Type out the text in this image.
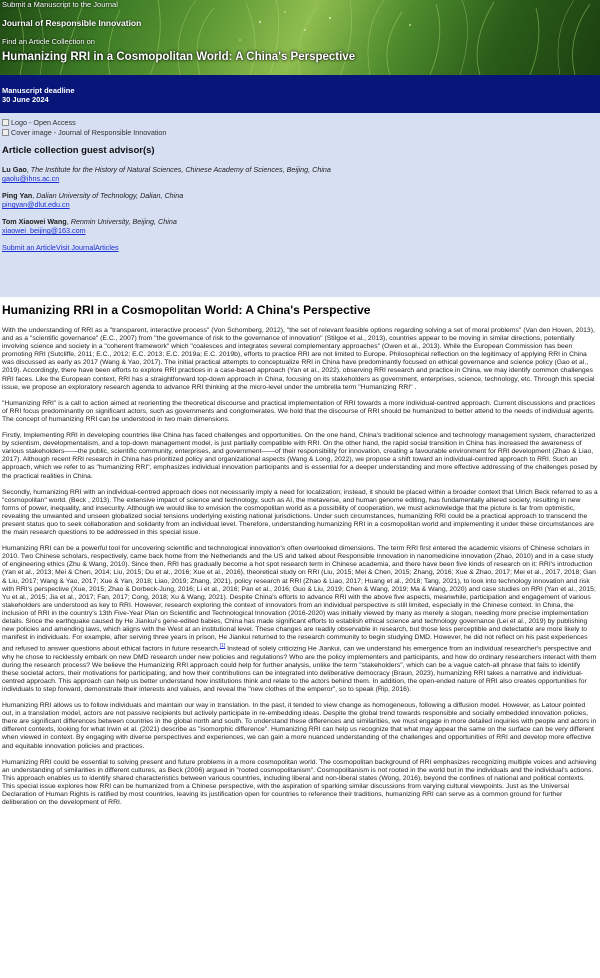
Submit a Manuscript to the Journal
Journal of Responsible Innovation
Find an Article Collection on
Humanizing RRI in a Cosmopolitan World: A China's Perspective
Manuscript deadline
30 June 2024
Logo - Open Access
Cover image - Journal of Responsible Innovation
Article collection guest advisor(s)
Lu Gao, The Institute for the History of Natural Sciences, Chinese Academy of Sciences, Beijing, China
gaolu@ihns.ac.cn
Ping Yan, Dalian University of Technology, Dalian, China
pingyan@dlut.edu.cn
Tom Xiaowei Wang, Renmin University, Beijing, China
xiaowei_beijing@163.com
Submit an ArticleVisit JournalArticles
Humanizing RRI in a Cosmopolitan World: A China's Perspective

With the understanding of RRI as a "transparent, interactive process" (Von Schomberg, 2012), "the set of relevant feasible options regarding solving a set of moral problems" (Van den Hoven, 2013), and as a "scientific governance" (E.C., 2007) from "the governance of risk to the governance of innovation" (Stilgoe et al., 2013), countries appear to be moving in similar directions, potentially involving science and society in a "coherent framework" which "coalesces and integrates several complementary approaches" (Owen et al., 2013). While the European Commission has been promoting RRI (Sutcliffe, 2011; E.C., 2012; E.C. 2013; E.C. 2019a; E.C. 2019b), efforts to practice RRI are not limited to Europe. Philosophical reflection on the legitimacy of applying RRI in China was discussed as early as 2017 (Wang & Yao, 2017). The initial practical attempts to conceptualize RRI in China have predominantly focused on ethical governance and science policy (Gao et al., 2019). Accordingly, there have been efforts to explore RRI practices in a case-based approach (Yan et al., 2022). observing RRI research and practice in China, we may identify common challenges RRI faces. Like the European context, RRI has a straightforward top-down approach in China, focusing on its stakeholders as government, enterprises, science, technology, etc. Through this special issue, we propose an exploratory research agenda to advance RRI thinking at the micro-level under the umbrella term "Humanizing RRI" .

"Humanizing RRI" is a call to action aimed at reorienting the theoretical discourse and practical implementation of RRI towards a more individual-centred approach. Current discussions and practices of RRI focus predominantly on significant actors, such as governments and conglomerates. We hold that the discourse of RRI should be humanized to better attend to the needs of individual agents. The concept of humanizing RRI can be understood in two main dimensions.

Firstly, Implementing RRI in developing countries like China has faced challenges and opportunities. On the one hand, China's traditional science and technology management system, characterized by scientism, developmentalism, and a top-down management model, is just partially compatible with RRI. On the other hand, the rapid social transition in China has increased the awareness of various stakeholders——the public, scientific community, enterprises, and government——of their responsibility for innovation, creating a favourable environment for RRI development (Zhao & Liao, 2017). Although recent RRI research in China has prioritized policy and organizational aspects (Wang & Long, 2022), we propose a shift toward an individual-centred approach to RRI. Such an approach, which we refer to as "humanizing RRI", emphasizes individual innovation participants and is essential for a deeper understanding and more effective addressing of the challenges posed by the practical realities in China.

Secondly, humanizing RRI with an individual-centred approach does not necessarily imply a need for localization; instead, it should be placed within a broader context that Ulrich Beck referred to as a "cosmopolitan" world. (Beck , 2013). The extensive impact of science and technology, such as AI, the metaverse, and human genome editing, has fundamentally altered society, resulting in new forms of power, inequality, and insecurity. Although we would like to envision the cosmopolitan world as a possibility of cooperation, we must acknowledge that the picture is far from optimistic, revealing the unwanted and unseen globalized social tensions underlying existing national jurisdictions. Under such circumstances, humanizing RRI could be a practical approach to transcend the present status quo to seek collaboration and solidarity from an individual level. Therefore, understanding humanizing RRI in a cosmopolitan world and implementing it under these circumstances are the main research questions to be addressed in this special issue.

Humanizing RRI can be a powerful tool for uncovering scientific and technological innovation's often overlooked dimensions. The term RRI first entered the academic visions of Chinese scholars in 2010. Two Chinese scholars, respectively, came back home from the Netherlands and the US and talked about Responsible Innovation in nanomedicine innovation (Zhao, 2010) and in a case study of engineering ethics (Zhu & Wang, 2010). Since then, RRI has gradually become a hot spot research term in Chinese academia, and there have been five kinds of research on it: RRI's introduction (Yan et al., 2013; Mei & Chen, 2014; Liu, 2015; Du et al., 2016; Xue et al., 2016), theoretical study on RRI (Liu, 2015; Mei & Chen, 2015; Zhang, 2016; Xue & Zhao, 2017; Mei et al., 2017, 2018; Gan & Liu, 2017; Wang & Yao, 2017; Xue & Yan, 2018; Liao, 2019; Zhang, 2021), policy research at RRI (Zhao & Liao, 2017; Huang et al., 2018; Tang, 2021), to look into technology innovation and risk with RRI's perspective (Xue, 2015; Zhao & Dorbeck-Jung, 2016; Li et al., 2016; Pan et al., 2016; Guo & Liu, 2019; Chen & Wang, 2019; Ma & Wang, 2020) and case studies on RRI (Yan et al., 2015; Yu et al., 2015; Jia et al., 2017; Fan, 2017; Cong, 2018; Xu & Wang, 2021). Despite China's efforts to advance RRI with the above five aspects, meanwhile, participation and engagement of various stakeholders are understood as key to RRI. However, research exploring the context of innovators from an individual perspective is still limited, especially in the Chinese context. In China, the inclusion of RRI in the country's 13th Five-Year Plan on Scientific and Technological Innovation (2016-2020) was initially viewed by many as merely a slogan, needing more precise implementation details. Since the earthquake caused by He Jiankui's gene-edited babies, China has made significant efforts to establish ethical science and technology governance (Lei et al., 2019) by publishing new policies and amending laws, which aligns with the West at an institutional level. These changes are readily observable in research, but those less perceptible and detectable are more likely to manifest in individuals. For example, after serving three years in prison, He Jiankui returned to the research community to begin studying DMD. However, he did not reflect on his past experiences and refused to answer questions about ethical factors in future research.[1] Instead of solely criticizing He Jiankui, can we understand his emergence from an individual researcher's perspective and why he chose to recklessly embark on new DMD research under new policies and regulations? Who are the policy implementers and participants, and how do ordinary researchers interact with them during the research process? We believe the Humanizing RRI approach could help for further analysis, unlike the term "stakeholders", which can be a vague catch-all phrase that fails to identify these societal actors, their motivations for participating, and how their contributions can be integrated into deliberative democracy (Braun, 2023), humanizing RRI takes a narrative and individual-centred approach. This approach can help us better understand how institutions think and relate to the actors behind them. In addition, the open-ended nature of RRI also creates opportunities for individuals to step forward, demonstrate their interests and values, and reveal the "new clothes of the emperor", so to speak (Rip, 2016).

Humanizing RRI allows us to follow individuals and maintain our way in translation. In the past, it tended to view change as homogeneous, following a diffusion model. However, as Latour pointed out, in a translation model, actors are not passive recipients but actively participate in re-embedding ideas. Despite the global trend towards responsible and socially embedded innovation policies, there are significant differences between countries in the global north and south. To understand these differences and similarities, we must engage in more detailed inquiries with people and actors in different contexts, looking for what Irwin et al. (2021) describe as "isomorphic difference". Humanizing RRI can help us recognize that what may appear the same on the surface can be very different when viewed in context. By engaging with diverse perspectives and experiences, we can gain a more nuanced understanding of the challenges and opportunities of RRI and develop more effective and equitable innovation policies and practices.

Humanizing RRI could be essential to solving present and future problems in a more cosmopolitan world. The cosmopolitan background of RRI emphasizes recognizing multiple voices and achieving an understanding of similarities in different cultures, as Beck (2006) argued in "rooted cosmopolitanism". Cosmopolitanism is not rooted in the world but in the individuals and the individual's actions. This approach enables us to identify shared characteristics between various countries, including liberal and non-liberal states (Wong, 2016), beyond the confines of national and political contexts. This special issue explores how RRI can be humanized from a Chinese perspective, with the aspiration of sparking similar discussions from varying cultural viewpoints. Just as the Universal Declaration of Human Rights is ratified by most countries, leaving its justification open for countries to reference their traditions, humanizing RRI can serve as a common ground for further deliberation on the development of RRI.
